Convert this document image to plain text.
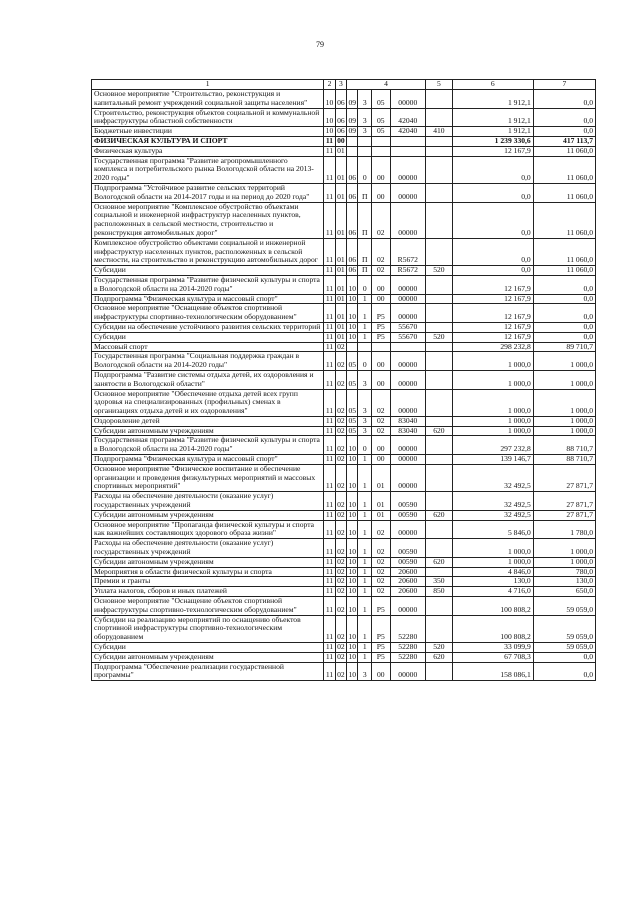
79
1	2	3	4				5	6	7
Основное мероприятие "Строительство, реконструкция и капитальный ремонт учреждений социальной защиты населения"	10	06	09	3	05	00000		1 912,1	0,0
Строительство, реконструкция объектов социальной и коммунальной инфраструктуры областной собственности	10	06	09	3	05	42040		1 912,1	0,0
Бюджетные инвестиции	10	06	09	3	05	42040	410	1 912,1	0,0
ФИЗИЧЕСКАЯ КУЛЬТУРА И СПОРТ	11	00						1 239 330,6	417 113,7
Физическая культура	11	01						12 167,9	11 060,0
Государственная программа "Развитие агропромышленного комплекса и потребительского рынка Вологодской области на 2013-2020 годы"	11	01	06	0	00	00000		0,0	11 060,0
Подпрограмма "Устойчивое развитие сельских территорий Вологодской области на 2014-2017 годы и на период до 2020 года"	11	01	06	П	00	00000		0,0	11 060,0
Основное мероприятие "Комплексное обустройство объектами социальной и инженерной инфраструктур населенных пунктов, расположенных в сельской местности, строительство и реконструкция автомобильных дорог"	11	01	06	П	02	00000		0,0	11 060,0
Комплексное обустройство объектами социальной и инженерной инфраструктур населенных пунктов, расположенных в сельской местности, на строительство и реконструкцию автомобильных дорог	11	01	06	П	02	R5672		0,0	11 060,0
Субсидии	11	01	06	П	02	R5672	520	0,0	11 060,0
Государственная программа "Развитие физической культуры и спорта в Вологодской области на 2014-2020 годы"	11	01	10	0	00	00000		12 167,9	0,0
Подпрограмма "Физическая культура и массовый спорт"	11	01	10	1	00	00000		12 167,9	0,0
Основное мероприятие "Оснащение объектов спортивной инфраструктуры спортивно-технологическим оборудованием"	11	01	10	1	P5	00000		12 167,9	0,0
Субсидии на обеспечение устойчивого развития сельских территорий	11	01	10	1	P5	55670		12 167,9	0,0
Субсидии	11	01	10	1	P5	55670	520	12 167,9	0,0
Массовый спорт	11	02						298 232,8	89 710,7
Государственная программа "Социальная поддержка граждан в Вологодской области на 2014-2020 годы"	11	02	05	0	00	00000		1 000,0	1 000,0
Подпрограмма "Развитие системы отдыха детей, их оздоровления и занятости в Вологодской области"	11	02	05	3	00	00000		1 000,0	1 000,0
Основное мероприятие "Обеспечение отдыха детей всех групп здоровья на специализированных (профильных) сменах в организациях отдыха детей и их оздоровления"	11	02	05	3	02	00000		1 000,0	1 000,0
Оздоровление детей	11	02	05	3	02	83040		1 000,0	1 000,0
Субсидии автономным учреждениям	11	02	05	3	02	83040	620	1 000,0	1 000,0
Государственная программа "Развитие физической культуры и спорта в Вологодской области на 2014-2020 годы"	11	02	10	0	00	00000		297 232,8	88 710,7
Подпрограмма "Физическая культура и массовый спорт"	11	02	10	1	00	00000		139 146,7	88 710,7
Основное мероприятие "Физическое воспитание и обеспечение организации и проведения физкультурных мероприятий и массовых спортивных мероприятий"	11	02	10	1	01	00000		32 492,5	27 871,7
Расходы на обеспечение деятельности (оказание услуг) государственных учреждений	11	02	10	1	01	00590		32 492,5	27 871,7
Субсидии автономным учреждениям	11	02	10	1	01	00590	620	32 492,5	27 871,7
Основное мероприятие "Пропаганда физической культуры и спорта как важнейших составляющих здорового образа жизни"	11	02	10	1	02	00000		5 846,0	1 780,0
Расходы на обеспечение деятельности (оказание услуг) государственных учреждений	11	02	10	1	02	00590		1 000,0	1 000,0
Субсидии автономным учреждениям	11	02	10	1	02	00590	620	1 000,0	1 000,0
Мероприятия в области физической культуры и спорта	11	02	10	1	02	20600		4 846,0	780,0
Премии и гранты	11	02	10	1	02	20600	350	130,0	130,0
Уплата налогов, сборов и иных платежей	11	02	10	1	02	20600	850	4 716,0	650,0
Основное мероприятие "Оснащение объектов спортивной инфраструктуры спортивно-технологическим оборудованием"	11	02	10	1	P5	00000		100 808,2	59 059,0
Субсидии на реализацию мероприятий по оснащению объектов спортивной инфраструктуры спортивно-технологическим оборудованием	11	02	10	1	P5	52280		100 808,2	59 059,0
Субсидии	11	02	10	1	P5	52280	520	33 099,9	59 059,0
Субсидии автономным учреждениям	11	02	10	1	P5	52280	620	67 708,3	0,0
Подпрограмма "Обеспечение реализации государственной программы"	11	02	10	3	00	00000		158 086,1	0,0
